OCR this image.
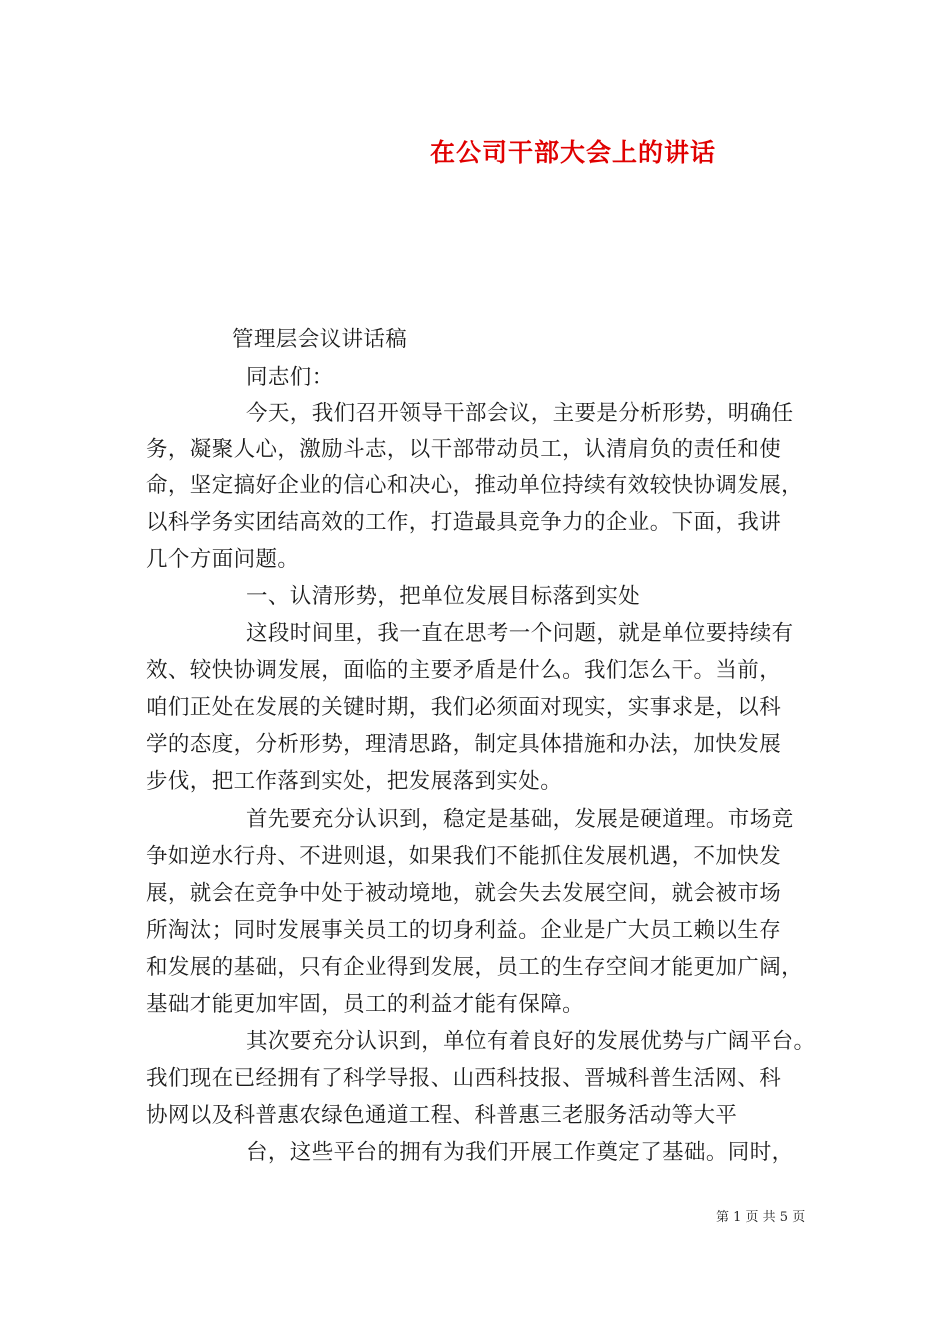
在公司干部大会上的讲话
管理层会议讲话稿
同志们：
今天，我们召开领导干部会议，主要是分析形势，明确任
务，凝聚人心，激励斗志，以干部带动员工，认清肩负的责任和使
命，坚定搞好企业的信心和决心，推动单位持续有效较快协调发展，
以科学务实团结高效的工作，打造最具竞争力的企业。下面，我讲
几个方面问题。
一、认清形势，把单位发展目标落到实处
这段时间里，我一直在思考一个问题，就是单位要持续有
效、较快协调发展，面临的主要矛盾是什么。我们怎么干。当前，
咱们正处在发展的关键时期，我们必须面对现实，实事求是，以科
学的态度，分析形势，理清思路，制定具体措施和办法，加快发展
步伐，把工作落到实处，把发展落到实处。
首先要充分认识到，稳定是基础，发展是硬道理。市场竞
争如逆水行舟、不进则退，如果我们不能抓住发展机遇，不加快发
展，就会在竞争中处于被动境地，就会失去发展空间，就会被市场
所淘汰；同时发展事关员工的切身利益。企业是广大员工赖以生存
和发展的基础，只有企业得到发展，员工的生存空间才能更加广阔，
基础才能更加牢固，员工的利益才能有保障。
其次要充分认识到，单位有着良好的发展优势与广阔平台。
我们现在已经拥有了科学导报、山西科技报、晋城科普生活网、科
协网以及科普惠农绿色通道工程、科普惠三老服务活动等大平
台，这些平台的拥有为我们开展工作奠定了基础。同时，
第 1 页 共 5 页
